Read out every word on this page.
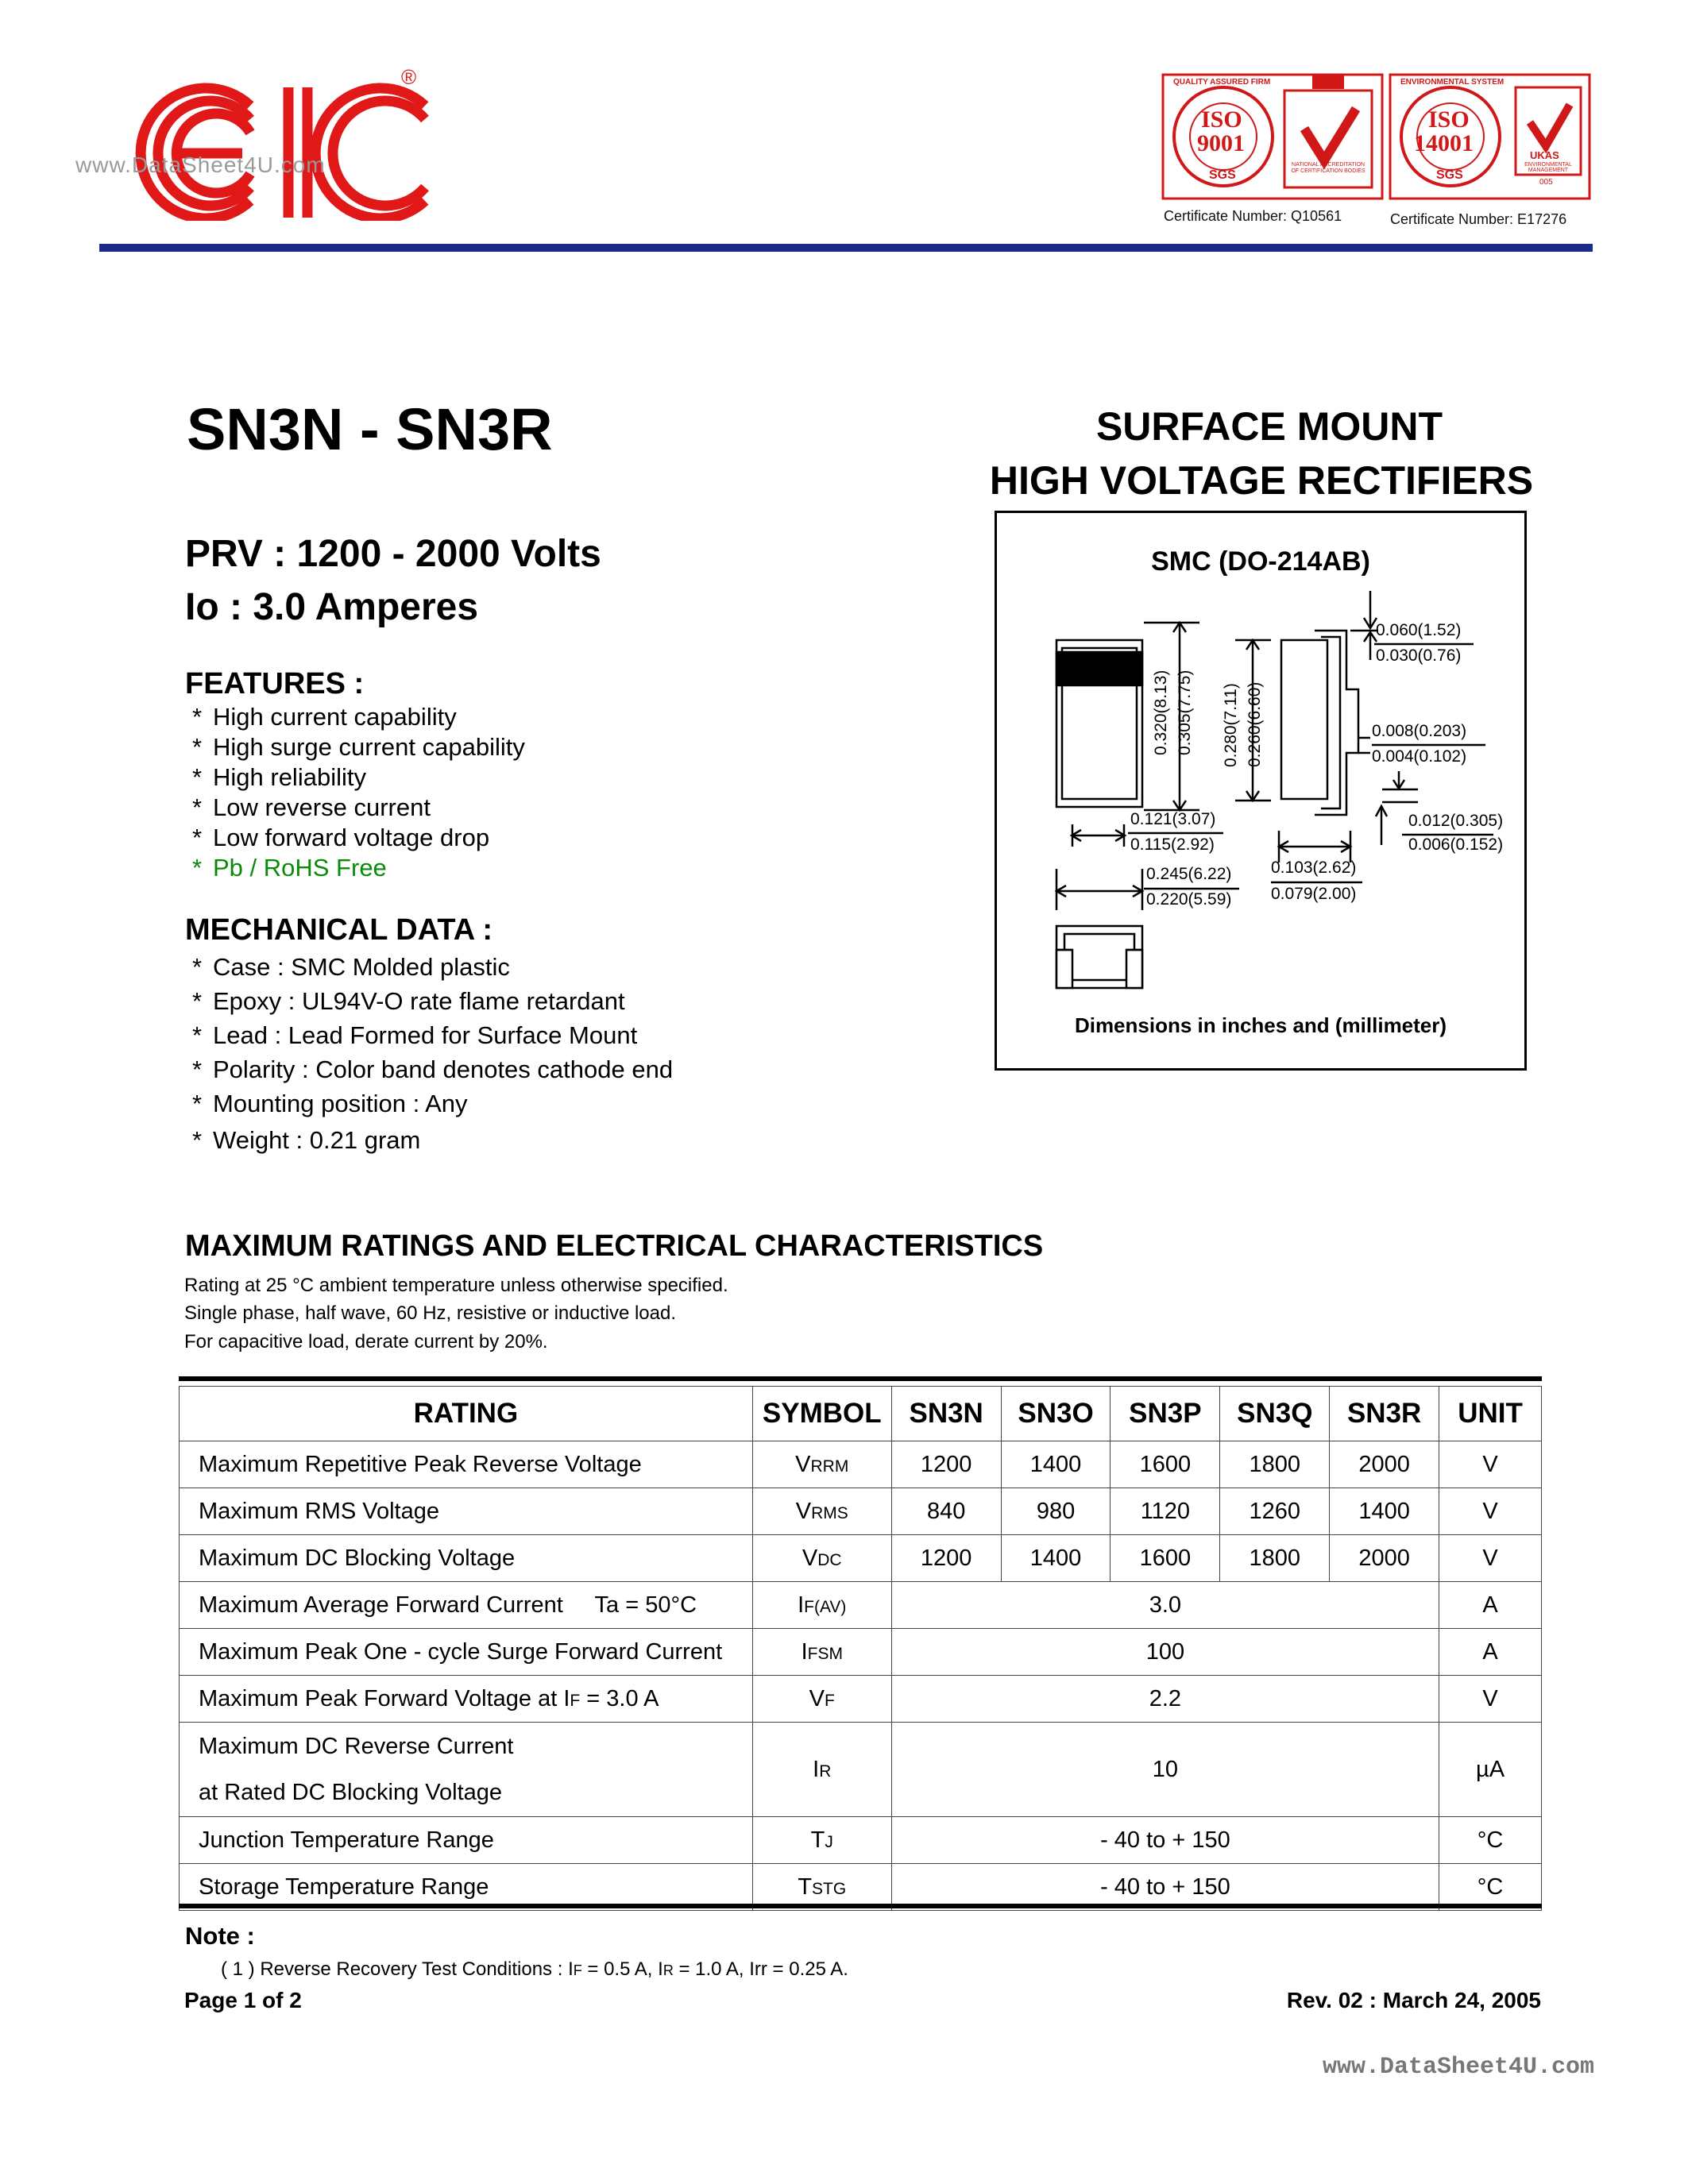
®
www.DataSheet4U.com
ISO
9001
SGS
QUALITY ASSURED FIRM
NATIONAL ACCREDITATION OF CERTIFICATION BODIES
Certificate Number: Q10561
ISO
14001
SGS
ENVIRONMENTAL SYSTEM
UKAS
ENVIRONMENTAL MANAGEMENT
005
Certificate Number: E17276
SN3N - SN3R	SURFACE MOUNT
HIGH VOLTAGE RECTIFIERS
PRV : 1200 - 2000 Volts
Io : 3.0 Amperes
FEATURES :
* High current capability
* High surge current capability
* High reliability
* Low reverse current
* Low forward voltage drop
* Pb / RoHS Free
MECHANICAL DATA :
* Case : SMC Molded plastic
* Epoxy : UL94V-O rate flame retardant
* Lead : Lead Formed for Surface Mount
* Polarity : Color band denotes cathode end
* Mounting position : Any
* Weight : 0.21 gram
SMC (DO-214AB)
0.320(8.13) 0.305(7.75) 0.280(7.11) 0.260(6.60)
0.060(1.52)
0.030(0.76)
0.008(0.203)
0.004(0.102)
0.012(0.305)
0.006(0.152)
0.121(3.07)
0.115(2.92)
0.245(6.22)
0.220(5.59)
0.103(2.62)
0.079(2.00)
Dimensions in inches and (millimeter)
MAXIMUM RATINGS AND ELECTRICAL CHARACTERISTICS
Rating at 25 °C ambient temperature unless otherwise specified.
Single phase, half wave, 60 Hz, resistive or inductive load.
For capacitive load, derate current by 20%.
RATING	SYMBOL	SN3N	SN3O	SN3P	SN3Q	SN3R	UNIT
Maximum Repetitive Peak Reverse Voltage	VRRM	1200	1400	1600	1800	2000	V
Maximum RMS Voltage	VRMS	840	980	1120	1260	1400	V
Maximum DC Blocking Voltage	VDC	1200	1400	1600	1800	2000	V
Maximum Average Forward Current     Ta = 50°C	IF(AV)	3.0					A
Maximum Peak One - cycle Surge Forward Current	IFSM	100					A
Maximum Peak Forward Voltage at IF = 3.0 A	VF	2.2					V

Maximum DC Reverse Current
at Rated DC Blocking Voltage	IR	10					µA
Junction Temperature Range	TJ	- 40 to + 150					°C
Storage Temperature Range	TSTG	- 40 to + 150					°C
Note :
( 1 ) Reverse Recovery Test Conditions : IF = 0.5 A, IR = 1.0 A, Irr = 0.25 A.
Page 1 of 2	Rev. 02 : March 24, 2005
www.DataSheet4U.com
